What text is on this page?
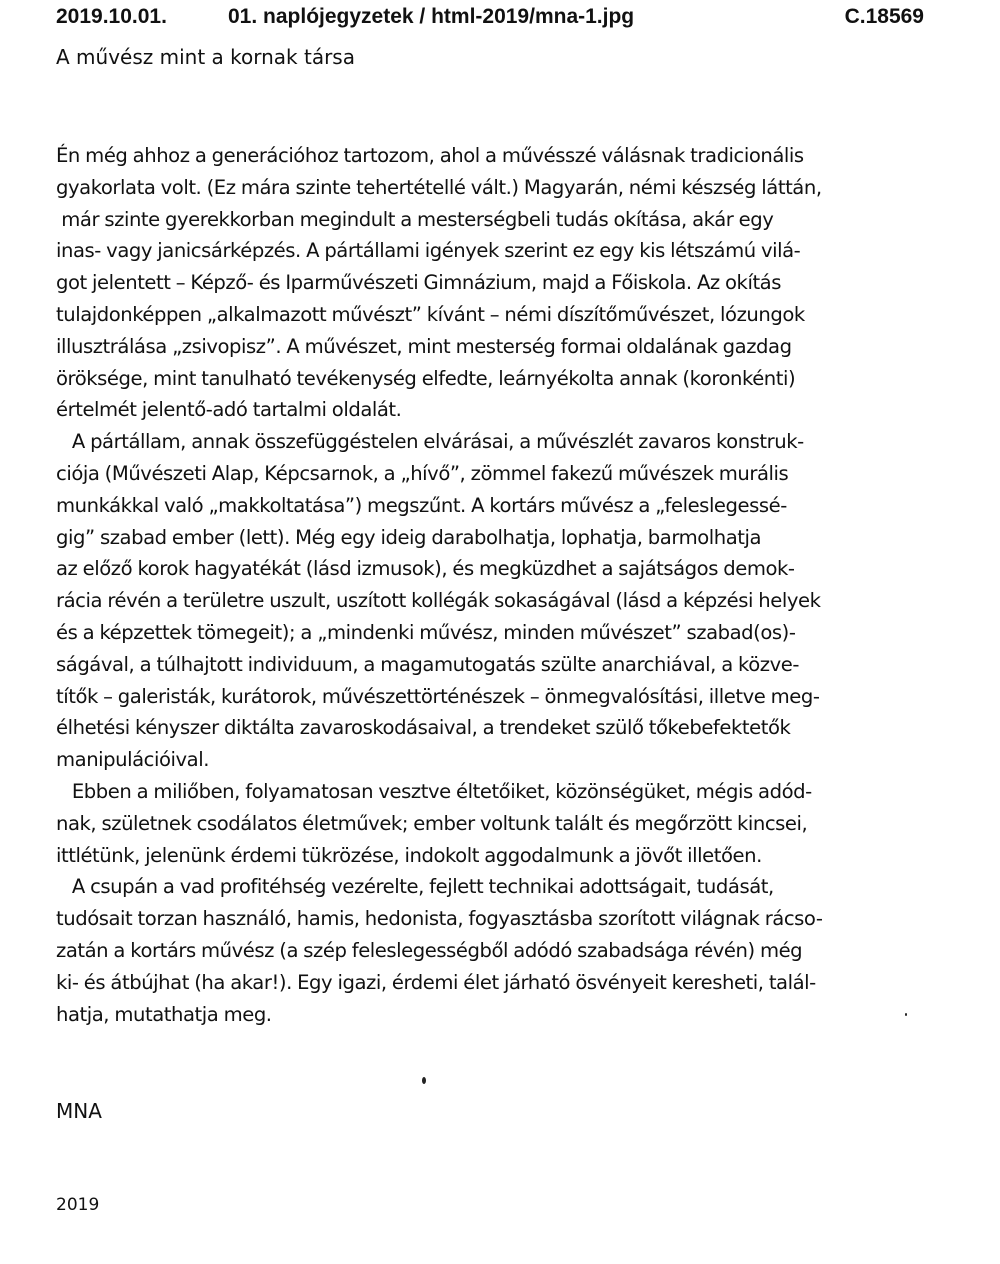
2019.10.01.	01. naplójegyzetek / html-2019/mna-1.jpg	C.18569
A művész mint a kornak társa
Én még ahhoz a generációhoz tartozom, ahol a művésszé válásnak tradicionális
gyakorlata volt. (Ez mára szinte tehertétellé vált.) Magyarán, némi készség láttán,
már szinte gyerekkorban megindult a mesterségbeli tudás okítása, akár egy
inas- vagy janicsárképzés. A pártállami igények szerint ez egy kis létszámú vilá-
got jelentett – Képző- és Iparművészeti Gimnázium, majd a Főiskola. Az okítás
tulajdonképpen „alkalmazott művészt” kívánt – némi díszítőművészet, lózungok
illusztrálása „zsivopisz”. A művészet, mint mesterség formai oldalának gazdag
öröksége, mint tanulható tevékenység elfedte, leárnyékolta annak (koronkénti)
értelmét jelentő-adó tartalmi oldalát.
A pártállam, annak összefüggéstelen elvárásai, a művészlét zavaros konstruk-
ciója (Művészeti Alap, Képcsarnok, a „hívő”, zömmel fakezű művészek murális
munkákkal való „makkoltatása”) megszűnt. A kortárs művész a „feleslegessé-
gig” szabad ember (lett). Még egy ideig darabolhatja, lophatja, barmolhatja
az előző korok hagyatékát (lásd izmusok), és megküzdhet a sajátságos demok-
rácia révén a területre uszult, uszított kollégák sokaságával (lásd a képzési helyek
és a képzettek tömegeit); a „mindenki művész, minden művészet” szabad(os)-
ságával, a túlhajtott individuum, a magamutogatás szülte anarchiával, a közve-
títők – galeristák, kurátorok, művészettörténészek – önmegvalósítási, illetve meg-
élhetési kényszer diktálta zavaroskodásaival, a trendeket szülő tőkebefektetők
manipulációival.
Ebben a miliőben, folyamatosan vesztve éltetőiket, közönségüket, mégis adód-
nak, születnek csodálatos életművek; ember voltunk talált és megőrzött kincsei,
ittlétünk, jelenünk érdemi tükrözése, indokolt aggodalmunk a jövőt illetően.
A csupán a vad profitéhség vezérelte, fejlett technikai adottságait, tudását,
tudósait torzan használó, hamis, hedonista, fogyasztásba szorított világnak rácso-
zatán a kortárs művész (a szép feleslegességből adódó szabadsága révén) még
ki- és átbújhat (ha akar!). Egy igazi, érdemi élet járható ösvényeit keresheti, talál-
hatja, mutathatja meg.
MNA
2019
